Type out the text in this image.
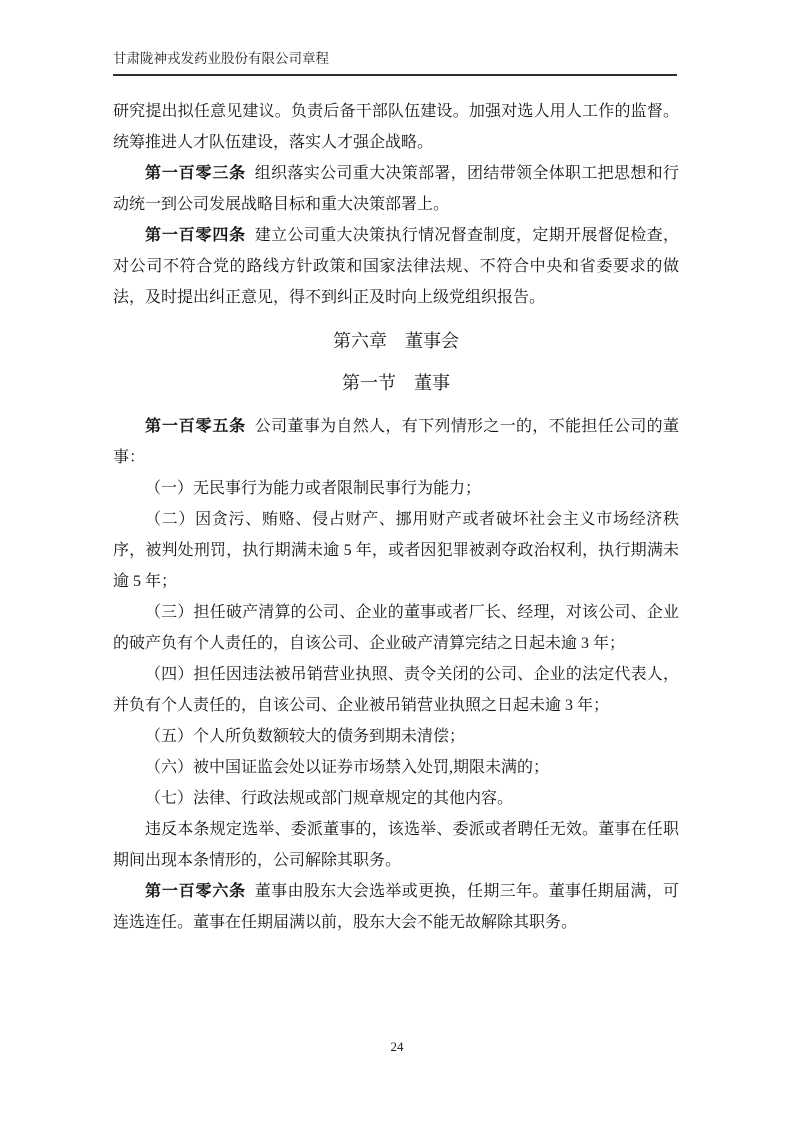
甘肃陇神戎发药业股份有限公司章程

研究提出拟任意见建议。负责后备干部队伍建设。加强对选人用人工作的监督。统筹推进人才队伍建设，落实人才强企战略。

第一百零三条 组织落实公司重大决策部署，团结带领全体职工把思想和行动统一到公司发展战略目标和重大决策部署上。

第一百零四条 建立公司重大决策执行情况督查制度，定期开展督促检查，对公司不符合党的路线方针政策和国家法律法规、不符合中央和省委要求的做法，及时提出纠正意见，得不到纠正及时向上级党组织报告。

第六章　董事会
第一节　董事

第一百零五条 公司董事为自然人，有下列情形之一的，不能担任公司的董事：

（一）无民事行为能力或者限制民事行为能力；

（二）因贪污、贿赂、侵占财产、挪用财产或者破坏社会主义市场经济秩序，被判处刑罚，执行期满未逾 5 年，或者因犯罪被剥夺政治权利，执行期满未逾 5 年；

（三）担任破产清算的公司、企业的董事或者厂长、经理，对该公司、企业的破产负有个人责任的，自该公司、企业破产清算完结之日起未逾 3 年；

（四）担任因违法被吊销营业执照、责令关闭的公司、企业的法定代表人，并负有个人责任的，自该公司、企业被吊销营业执照之日起未逾 3 年；

（五）个人所负数额较大的债务到期未清偿；

（六）被中国证监会处以证券市场禁入处罚,期限未满的；

（七）法律、行政法规或部门规章规定的其他内容。

违反本条规定选举、委派董事的，该选举、委派或者聘任无效。董事在任职期间出现本条情形的，公司解除其职务。

第一百零六条 董事由股东大会选举或更换，任期三年。董事任期届满，可连选连任。董事在任期届满以前，股东大会不能无故解除其职务。

24
